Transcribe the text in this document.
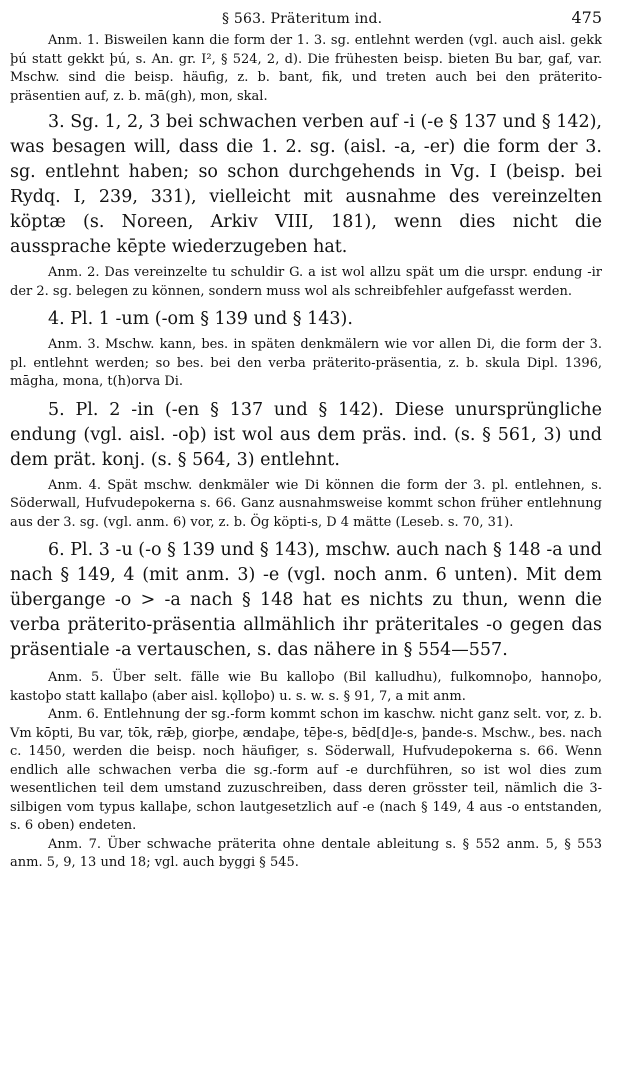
§ 563. Präteritum ind.	475

Anm. 1. Bisweilen kann die form der 1. 3. sg. entlehnt werden (vgl. auch aisl. gekk þú statt gekkt þú, s. An. gr. I², § 524, 2, d). Die frühesten beisp. bieten Bu bar, gaf, var. Mschw. sind die beisp. häufig, z. b. bant, fik, und treten auch bei den präterito-präsentien auf, z. b. mā(gh), mon, skal.

3. Sg. 1, 2, 3 bei schwachen verben auf -i (-e § 137 und § 142), was besagen will, dass die 1. 2. sg. (aisl. -a, -er) die form der 3. sg. entlehnt haben; so schon durchgehends in Vg. I (beisp. bei Rydq. I, 239, 331), vielleicht mit ausnahme des vereinzelten köptæ (s. Noreen, Arkiv VIII, 181), wenn dies nicht die aussprache kēpte wiederzugeben hat.

Anm. 2. Das vereinzelte tu schuldir G. a ist wol allzu spät um die urspr. endung -ir der 2. sg. belegen zu können, sondern muss wol als schreibfehler aufgefasst werden.

4. Pl. 1 -um (-om § 139 und § 143).

Anm. 3. Mschw. kann, bes. in späten denkmälern wie vor allen Di, die form der 3. pl. entlehnt werden; so bes. bei den verba präterito-präsentia, z. b. skula Dipl. 1396, māgha, mona, t(h)orva Di.

5. Pl. 2 -in (-en § 137 und § 142). Diese unursprüngliche endung (vgl. aisl. -oþ) ist wol aus dem präs. ind. (s. § 561, 3) und dem prät. konj. (s. § 564, 3) entlehnt.

Anm. 4. Spät mschw. denkmäler wie Di können die form der 3. pl. entlehnen, s. Söderwall, Hufvudepokerna s. 66. Ganz ausnahmsweise kommt schon früher entlehnung aus der 3. sg. (vgl. anm. 6) vor, z. b. Ög köpti-s, D 4 mätte (Leseb. s. 70, 31).

6. Pl. 3 -u (-o § 139 und § 143), mschw. auch nach § 148 -a und nach § 149, 4 (mit anm. 3) -e (vgl. noch anm. 6 unten). Mit dem übergange -o > -a nach § 148 hat es nichts zu thun, wenn die verba präterito-präsentia allmählich ihr präteritales -o gegen das präsentiale -a vertauschen, s. das nähere in § 554—557.

Anm. 5. Über selt. fälle wie Bu kalloþo (Bil kalludhu), fulkomnoþo, hannoþo, kastoþo statt kallaþo (aber aisl. kǫlloþo) u. s. w. s. § 91, 7, a mit anm.

Anm. 6. Entlehnung der sg.-form kommt schon im kaschw. nicht ganz selt. vor, z. b. Vm kōpti, Bu var, tōk, rǣþ, giorþe, ændaþe, tēþe-s, bēd[d]e-s, þande-s. Mschw., bes. nach c. 1450, werden die beisp. noch häufiger, s. Söderwall, Hufvudepokerna s. 66. Wenn endlich alle schwachen verba die sg.-form auf -e durchführen, so ist wol dies zum wesentlichen teil dem umstand zuzuschreiben, dass deren grösster teil, nämlich die 3-silbigen vom typus kallaþe, schon lautgesetzlich auf -e (nach § 149, 4 aus -o entstanden, s. 6 oben) endeten.

Anm. 7. Über schwache präterita ohne dentale ableitung s. § 552 anm. 5, § 553 anm. 5, 9, 13 und 18; vgl. auch byggi § 545.
